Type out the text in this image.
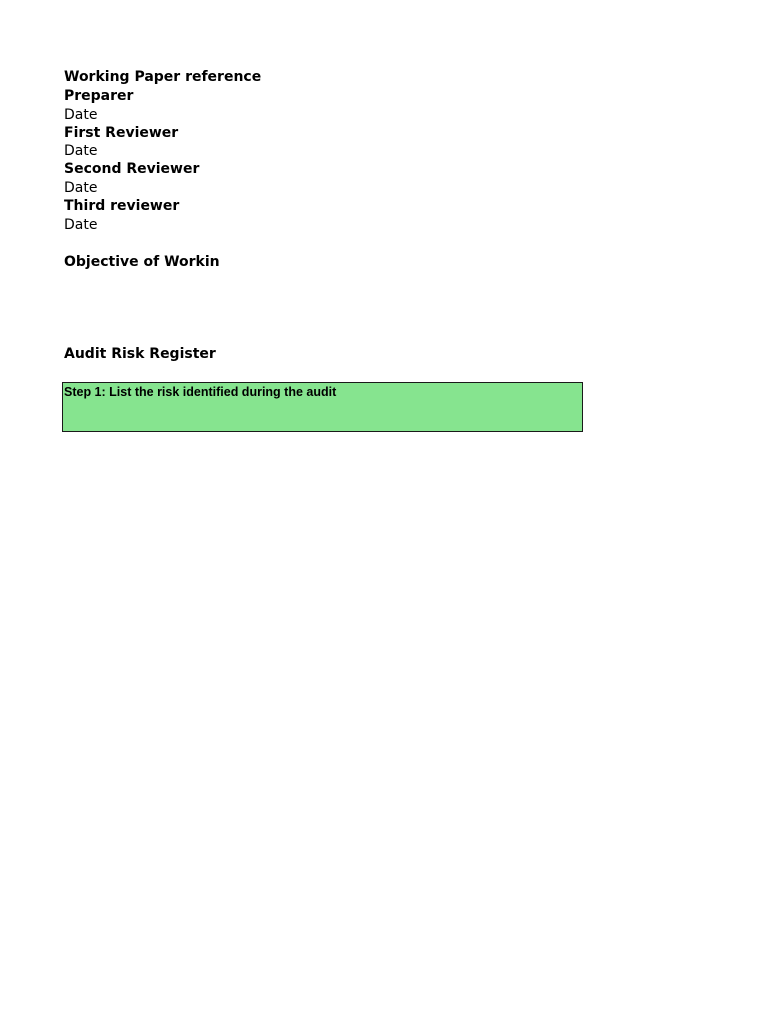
Working Paper reference
Preparer
Date
First Reviewer
Date
Second Reviewer
Date
Third reviewer
Date
Objective of Workin
Audit Risk Register
Step 1: List the risk identified during the audit
